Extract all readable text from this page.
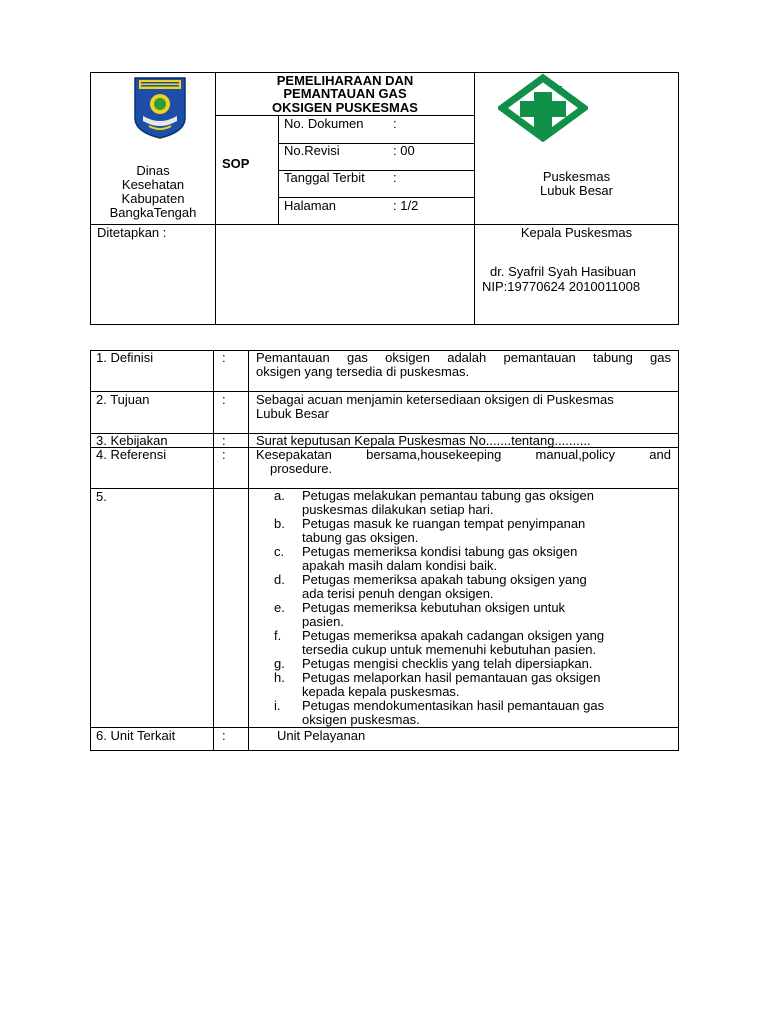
Dinas
Kesehatan
Kabupaten
BangkaTengah
PEMELIHARAAN DAN
PEMANTAUAN GAS
OKSIGEN PUSKESMAS
SOP
No. Dokumen :
No.Revisi	: 00
Tanggal Terbit :
Halaman	: 1/2
Puskesmas
Lubuk Besar
Ditetapkan :	Kepala Puskesmas
dr. Syafril Syah Hasibuan
NIP:19770624 2010011008
1. Definisi	: Pemantauan gas oksigen adalah pemantauan tabung gas
oksigen yang tersedia di puskesmas.
2. Tujuan	: Sebagai acuan menjamin ketersediaan oksigen di Puskesmas
Lubuk Besar
3. Kebijakan	: Surat keputusan Kepala Puskesmas No.......tentang..........
4. Referensi	: Kesepakatan bersama,housekeeping manual,policy and
prosedure.
5.	a. Petugas melakukan pemantau tabung gas oksigen
puskesmas dilakukan setiap hari.
b. Petugas masuk ke ruangan tempat penyimpanan
tabung gas oksigen.
c. Petugas memeriksa kondisi tabung gas oksigen
apakah masih dalam kondisi baik.
d. Petugas memeriksa apakah tabung oksigen yang
ada terisi penuh dengan oksigen.
e. Petugas memeriksa kebutuhan oksigen untuk
pasien.
f. Petugas memeriksa apakah cadangan oksigen yang
tersedia cukup untuk memenuhi kebutuhan pasien.
g. Petugas mengisi checklis yang telah dipersiapkan.
h. Petugas melaporkan hasil pemantauan gas oksigen
kepada kepala puskesmas.
i. Petugas mendokumentasikan hasil pemantauan gas
oksigen puskesmas.
6. Unit Terkait	:	Unit Pelayanan
